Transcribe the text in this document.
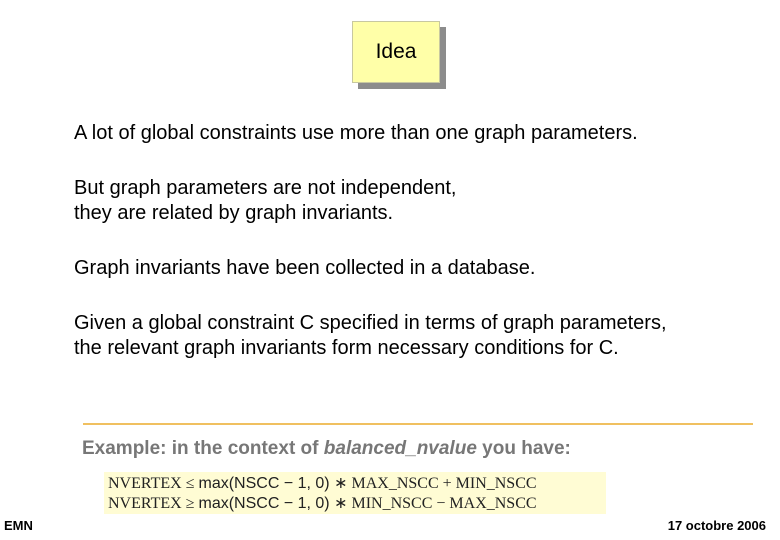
Idea
A lot of global constraints use more than one graph parameters.
But graph parameters are not independent,
they are related by graph invariants.
Graph invariants have been collected in a database.
Given a global constraint C specified in terms of graph parameters,
the relevant graph invariants form necessary conditions for C.

Example: in the context of balanced_nvalue you have:

NVERTEX ≤ max(NSCC − 1, 0) ∗ MAX_NSCC + MIN_NSCC
NVERTEX ≥ max(NSCC − 1, 0) ∗ MIN_NSCC − MAX_NSCC
EMN	17 octobre 2006
